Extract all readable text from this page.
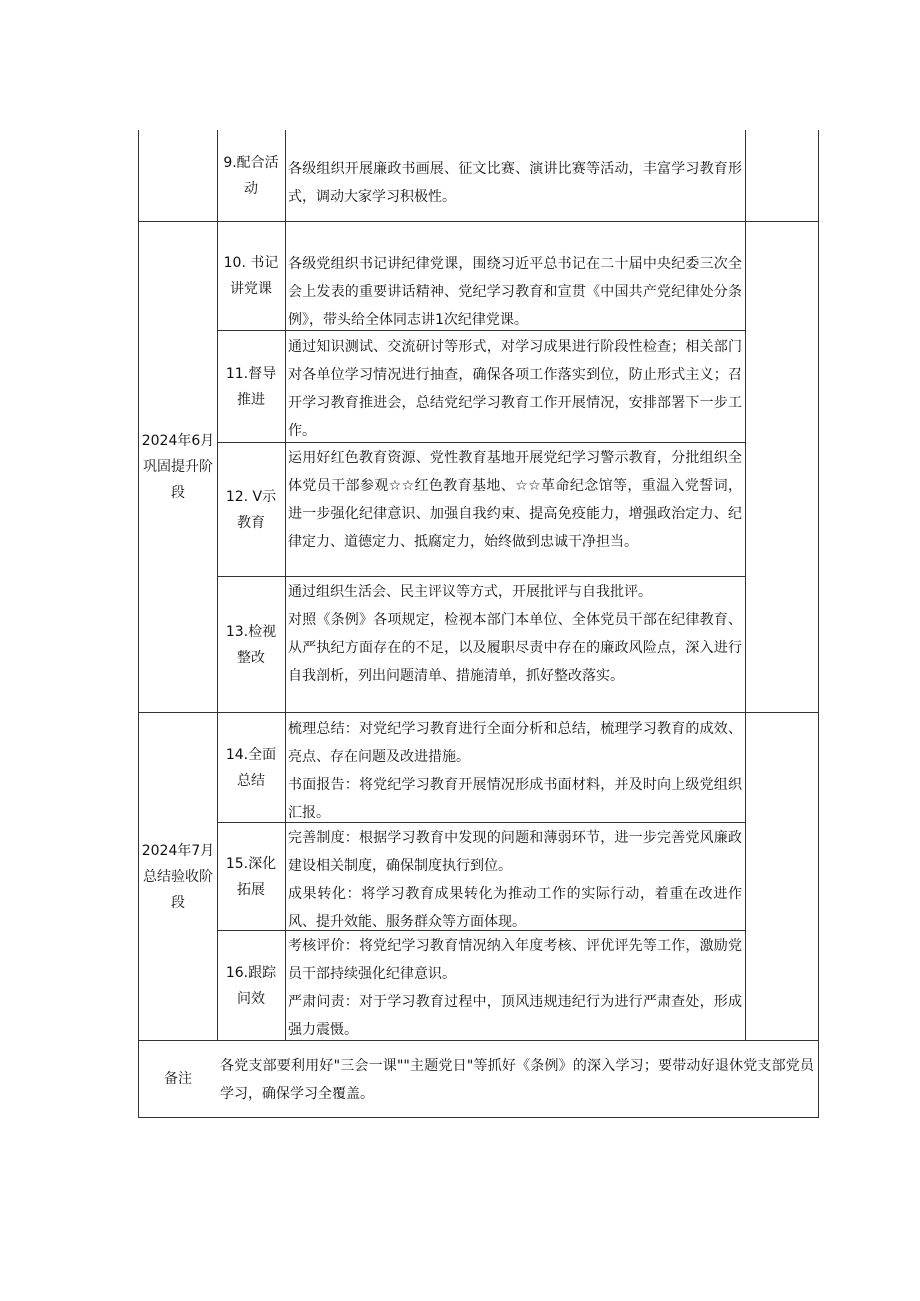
2024年6月巩固提升阶段
2024年7月总结验收阶段
9.配合活动
10. 书记讲党课
11.督导推进
12. V示教育
13.检视整改
14.全面总结
15.深化拓展
16.跟踪问效
各级组织开展廉政书画展、征文比赛、演讲比赛等活动，丰富学习教育形式，调动大家学习积极性。
各级党组织书记讲纪律党课，围绕习近平总书记在二十届中央纪委三次全会上发表的重要讲话精神、党纪学习教育和宣贯《中国共产党纪律处分条例》，带头给全体同志讲1次纪律党课。
通过知识测试、交流研讨等形式，对学习成果进行阶段性检查；相关部门对各单位学习情况进行抽查，确保各项工作落实到位，防止形式主义；召开学习教育推进会，总结党纪学习教育工作开展情况，安排部署下一步工作。
运用好红色教育资源、党性教育基地开展党纪学习警示教育，分批组织全体党员干部参观☆☆红色教育基地、☆☆革命纪念馆等，重温入党誓词，进一步强化纪律意识、加强自我约束、提高免疫能力，增强政治定力、纪律定力、道德定力、抵腐定力，始终做到忠诚干净担当。
通过组织生活会、民主评议等方式，开展批评与自我批评。
对照《条例》各项规定，检视本部门本单位、全体党员干部在纪律教育、从严执纪方面存在的不足，以及履职尽责中存在的廉政风险点，深入进行自我剖析，列出问题清单、措施清单，抓好整改落实。
梳理总结：对党纪学习教育进行全面分析和总结，梳理学习教育的成效、亮点、存在问题及改进措施。
书面报告：将党纪学习教育开展情况形成书面材料，并及时向上级党组织汇报。
完善制度：根据学习教育中发现的问题和薄弱环节，进一步完善党风廉政建设相关制度，确保制度执行到位。
成果转化：将学习教育成果转化为推动工作的实际行动，着重在改进作风、提升效能、服务群众等方面体现。
考核评价：将党纪学习教育情况纳入年度考核、评优评先等工作，激励党员干部持续强化纪律意识。
严肃问责：对于学习教育过程中，顶风违规违纪行为进行严肃查处，形成强力震慑。
备注
各党支部要利用好"三会一课""主题党日"等抓好《条例》的深入学习；要带动好退休党支部党员学习，确保学习全覆盖。
